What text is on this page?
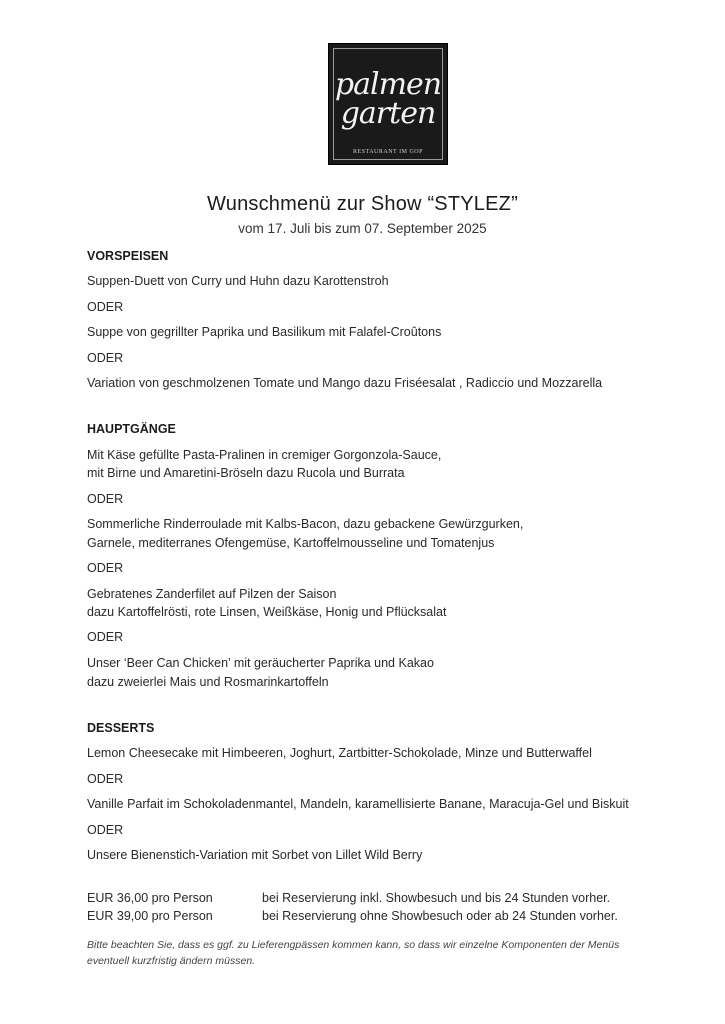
palmen
garten
RESTAURANT IM GOP
Wunschmenü zur Show “STYLEZ”
vom 17. Juli bis zum 07. September 2025
VORSPEISEN
Suppen-Duett von Curry und Huhn dazu Karottenstroh
ODER
Suppe von gegrillter Paprika und Basilikum mit Falafel-Croûtons
ODER
Variation von geschmolzenen Tomate und Mango dazu Friséesalat , Radiccio und Mozzarella
HAUPTGÄNGE
Mit Käse gefüllte Pasta-Pralinen in cremiger Gorgonzola-Sauce,
mit Birne und Amaretini-Bröseln dazu Rucola und Burrata
ODER
Sommerliche Rinderroulade mit Kalbs-Bacon, dazu gebackene Gewürzgurken,
Garnele, mediterranes Ofengemüse, Kartoffelmousseline und Tomatenjus
ODER
Gebratenes Zanderfilet auf Pilzen der Saison
dazu Kartoffelrösti, rote Linsen, Weißkäse, Honig und Pflücksalat
ODER
Unser ‘Beer Can Chicken’ mit geräucherter Paprika und Kakao
dazu zweierlei Mais und Rosmarinkartoffeln
DESSERTS
Lemon Cheesecake mit Himbeeren, Joghurt, Zartbitter-Schokolade, Minze und Butterwaffel
ODER
Vanille Parfait im Schokoladenmantel, Mandeln, karamellisierte Banane, Maracuja-Gel und Biskuit
ODER
Unsere Bienenstich-Variation mit Sorbet von Lillet Wild Berry
EUR 36,00 pro Person	bei Reservierung inkl. Showbesuch und bis 24 Stunden vorher.
EUR 39,00 pro Person	bei Reservierung ohne Showbesuch oder ab 24 Stunden vorher.
Bitte beachten Sie, dass es ggf. zu Lieferengpässen kommen kann, so dass wir einzelne Komponenten der Menüs
eventuell kurzfristig ändern müssen.
